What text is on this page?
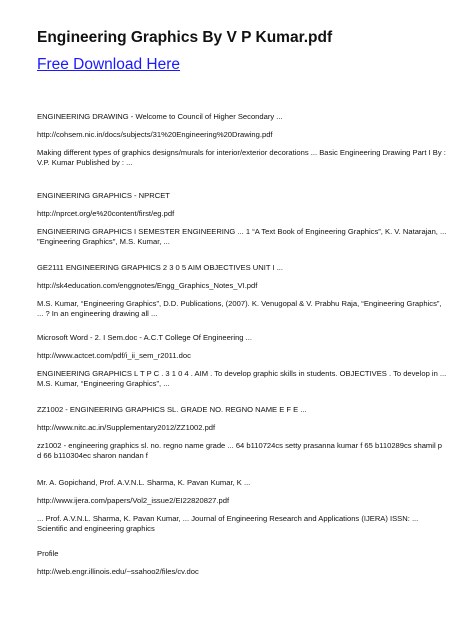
Engineering Graphics By V P Kumar.pdf
Free Download Here

ENGINEERING DRAWING - Welcome to Council of Higher Secondary ...

http://cohsem.nic.in/docs/subjects/31%20Engineering%20Drawing.pdf

Making different types of graphics designs/murals for interior/exterior decorations ... Basic Engineering Drawing Part I By : V.P. Kumar Published by : ...

ENGINEERING GRAPHICS - NPRCET

http://nprcet.org/e%20content/first/eg.pdf

ENGINEERING GRAPHICS I SEMESTER ENGINEERING ... 1 “A Text Book of Engineering Graphics”, K. V. Natarajan, ... "Engineering Graphics", M.S. Kumar, ...

GE2111 ENGINEERING GRAPHICS 2 3 0 5 AIM OBJECTIVES UNIT I ...

http://sk4education.com/enggnotes/Engg_Graphics_Notes_VI.pdf

M.S. Kumar, “Engineering Graphics”, D.D. Publications, (2007). K. Venugopal & V. Prabhu Raja, “Engineering Graphics”, ... ? In an engineering drawing all ...

Microsoft Word - 2. I Sem.doc - A.C.T College Of Engineering ...

http://www.actcet.com/pdf/i_ii_sem_r2011.doc

ENGINEERING GRAPHICS L T P C . 3 1 0 4 . AIM . To develop graphic skills in students. OBJECTIVES . To develop in ... M.S. Kumar, “Engineering Graphics”, ...

ZZ1002 - ENGINEERING GRAPHICS SL. GRADE NO. REGNO NAME E F E ...

http://www.nitc.ac.in/Supplementary2012/ZZ1002.pdf

zz1002 - engineering graphics sl. no. regno name grade ... 64 b110724cs setty prasanna kumar f 65 b110289cs shamil p d 66 b110304ec sharon nandan f

Mr. A. Gopichand, Prof. A.V.N.L. Sharma, K. Pavan Kumar, K ...

http://www.ijera.com/papers/Vol2_issue2/EI22820827.pdf

... Prof. A.V.N.L. Sharma, K. Pavan Kumar, ... Journal of Engineering Research and Applications (IJERA) ISSN: ... Scientific and engineering graphics

Profile

http://web.engr.illinois.edu/~ssahoo2/files/cv.doc
